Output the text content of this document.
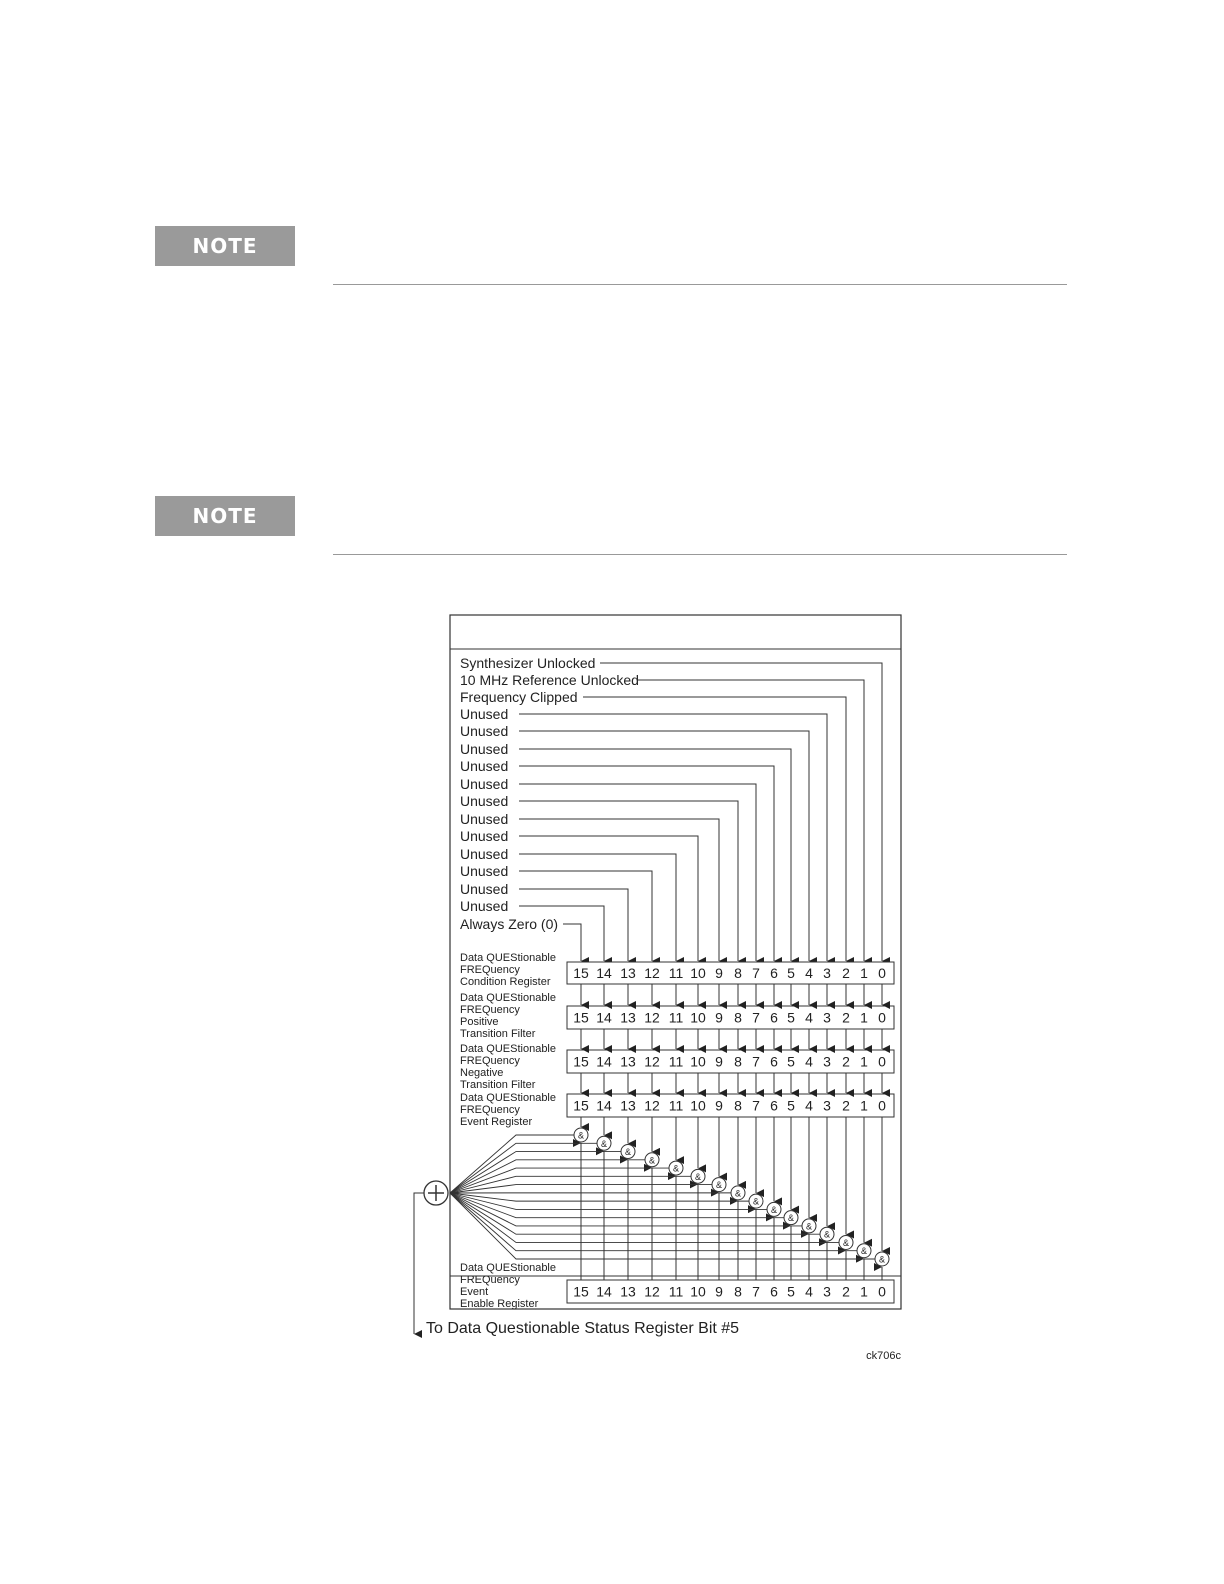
NOTE
NOTE
Synthesizer Unlocked
10 MHz Reference Unlocked
Frequency Clipped
Unused
Unused
Unused
Unused
Unused
Unused
Unused
Unused
Unused
Unused
Unused
Unused
Always Zero (0)
Data QUEStionable
FREQuency
Condition Register
15 14 13 12 11 10 9 8 7 6 5 4 3 2 1 0
Data QUEStionable
FREQuency
Positive
Transition Filter
15 14 13 12 11 10 9 8 7 6 5 4 3 2 1 0
Data QUEStionable
FREQuency
Negative
Transition Filter
15 14 13 12 11 10 9 8 7 6 5 4 3 2 1 0
Data QUEStionable
FREQuency
Event Register
15 14 13 12 11 10 9 8 7 6 5 4 3 2 1 0
Data QUEStionable
FREQuency
Event
Enable Register
15 14 13 12 11 10 9 8 7 6 5 4 3 2 1 0
&
&
&
&
&
&
&
&
&
&
&
&
&
&
&
&
To Data Questionable Status Register Bit #5
ck706c
